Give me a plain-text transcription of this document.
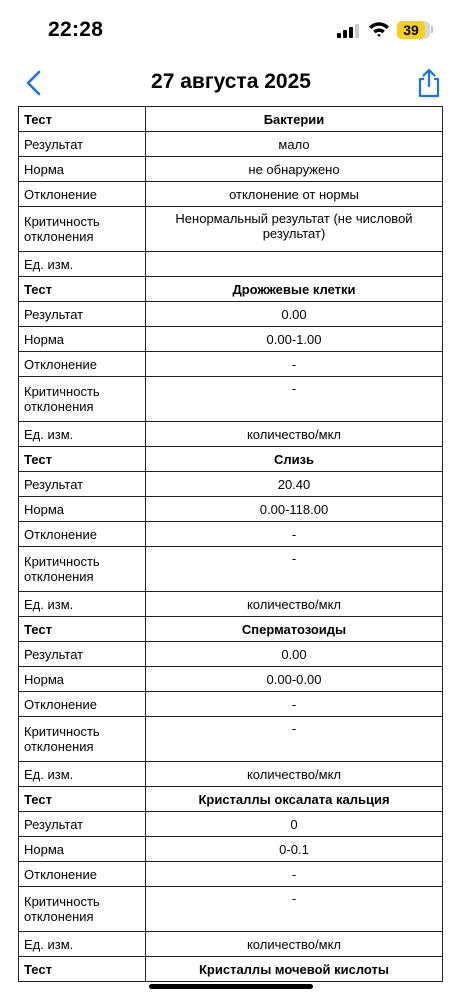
22:28	39
27 августа 2025
Тест	Бактерии
Результат	мало
Норма	не обнаружено
Отклонение	отклонение от нормы
Критичность отклонения	Ненормальный результат (не числовой результат)
Ед. изм.	
Тест	Дрожжевые клетки
Результат	0.00
Норма	0.00-1.00
Отклонение	-
Критичность отклонения	-
Ед. изм.	количество/мкл
Тест	Слизь
Результат	20.40
Норма	0.00-118.00
Отклонение	-
Критичность отклонения	-
Ед. изм.	количество/мкл
Тест	Сперматозоиды
Результат	0.00
Норма	0.00-0.00
Отклонение	-
Критичность отклонения	-
Ед. изм.	количество/мкл
Тест	Кристаллы оксалата кальция
Результат	0
Норма	0-0.1
Отклонение	-
Критичность отклонения	-
Ед. изм.	количество/мкл
Тест	Кристаллы мочевой кислоты
